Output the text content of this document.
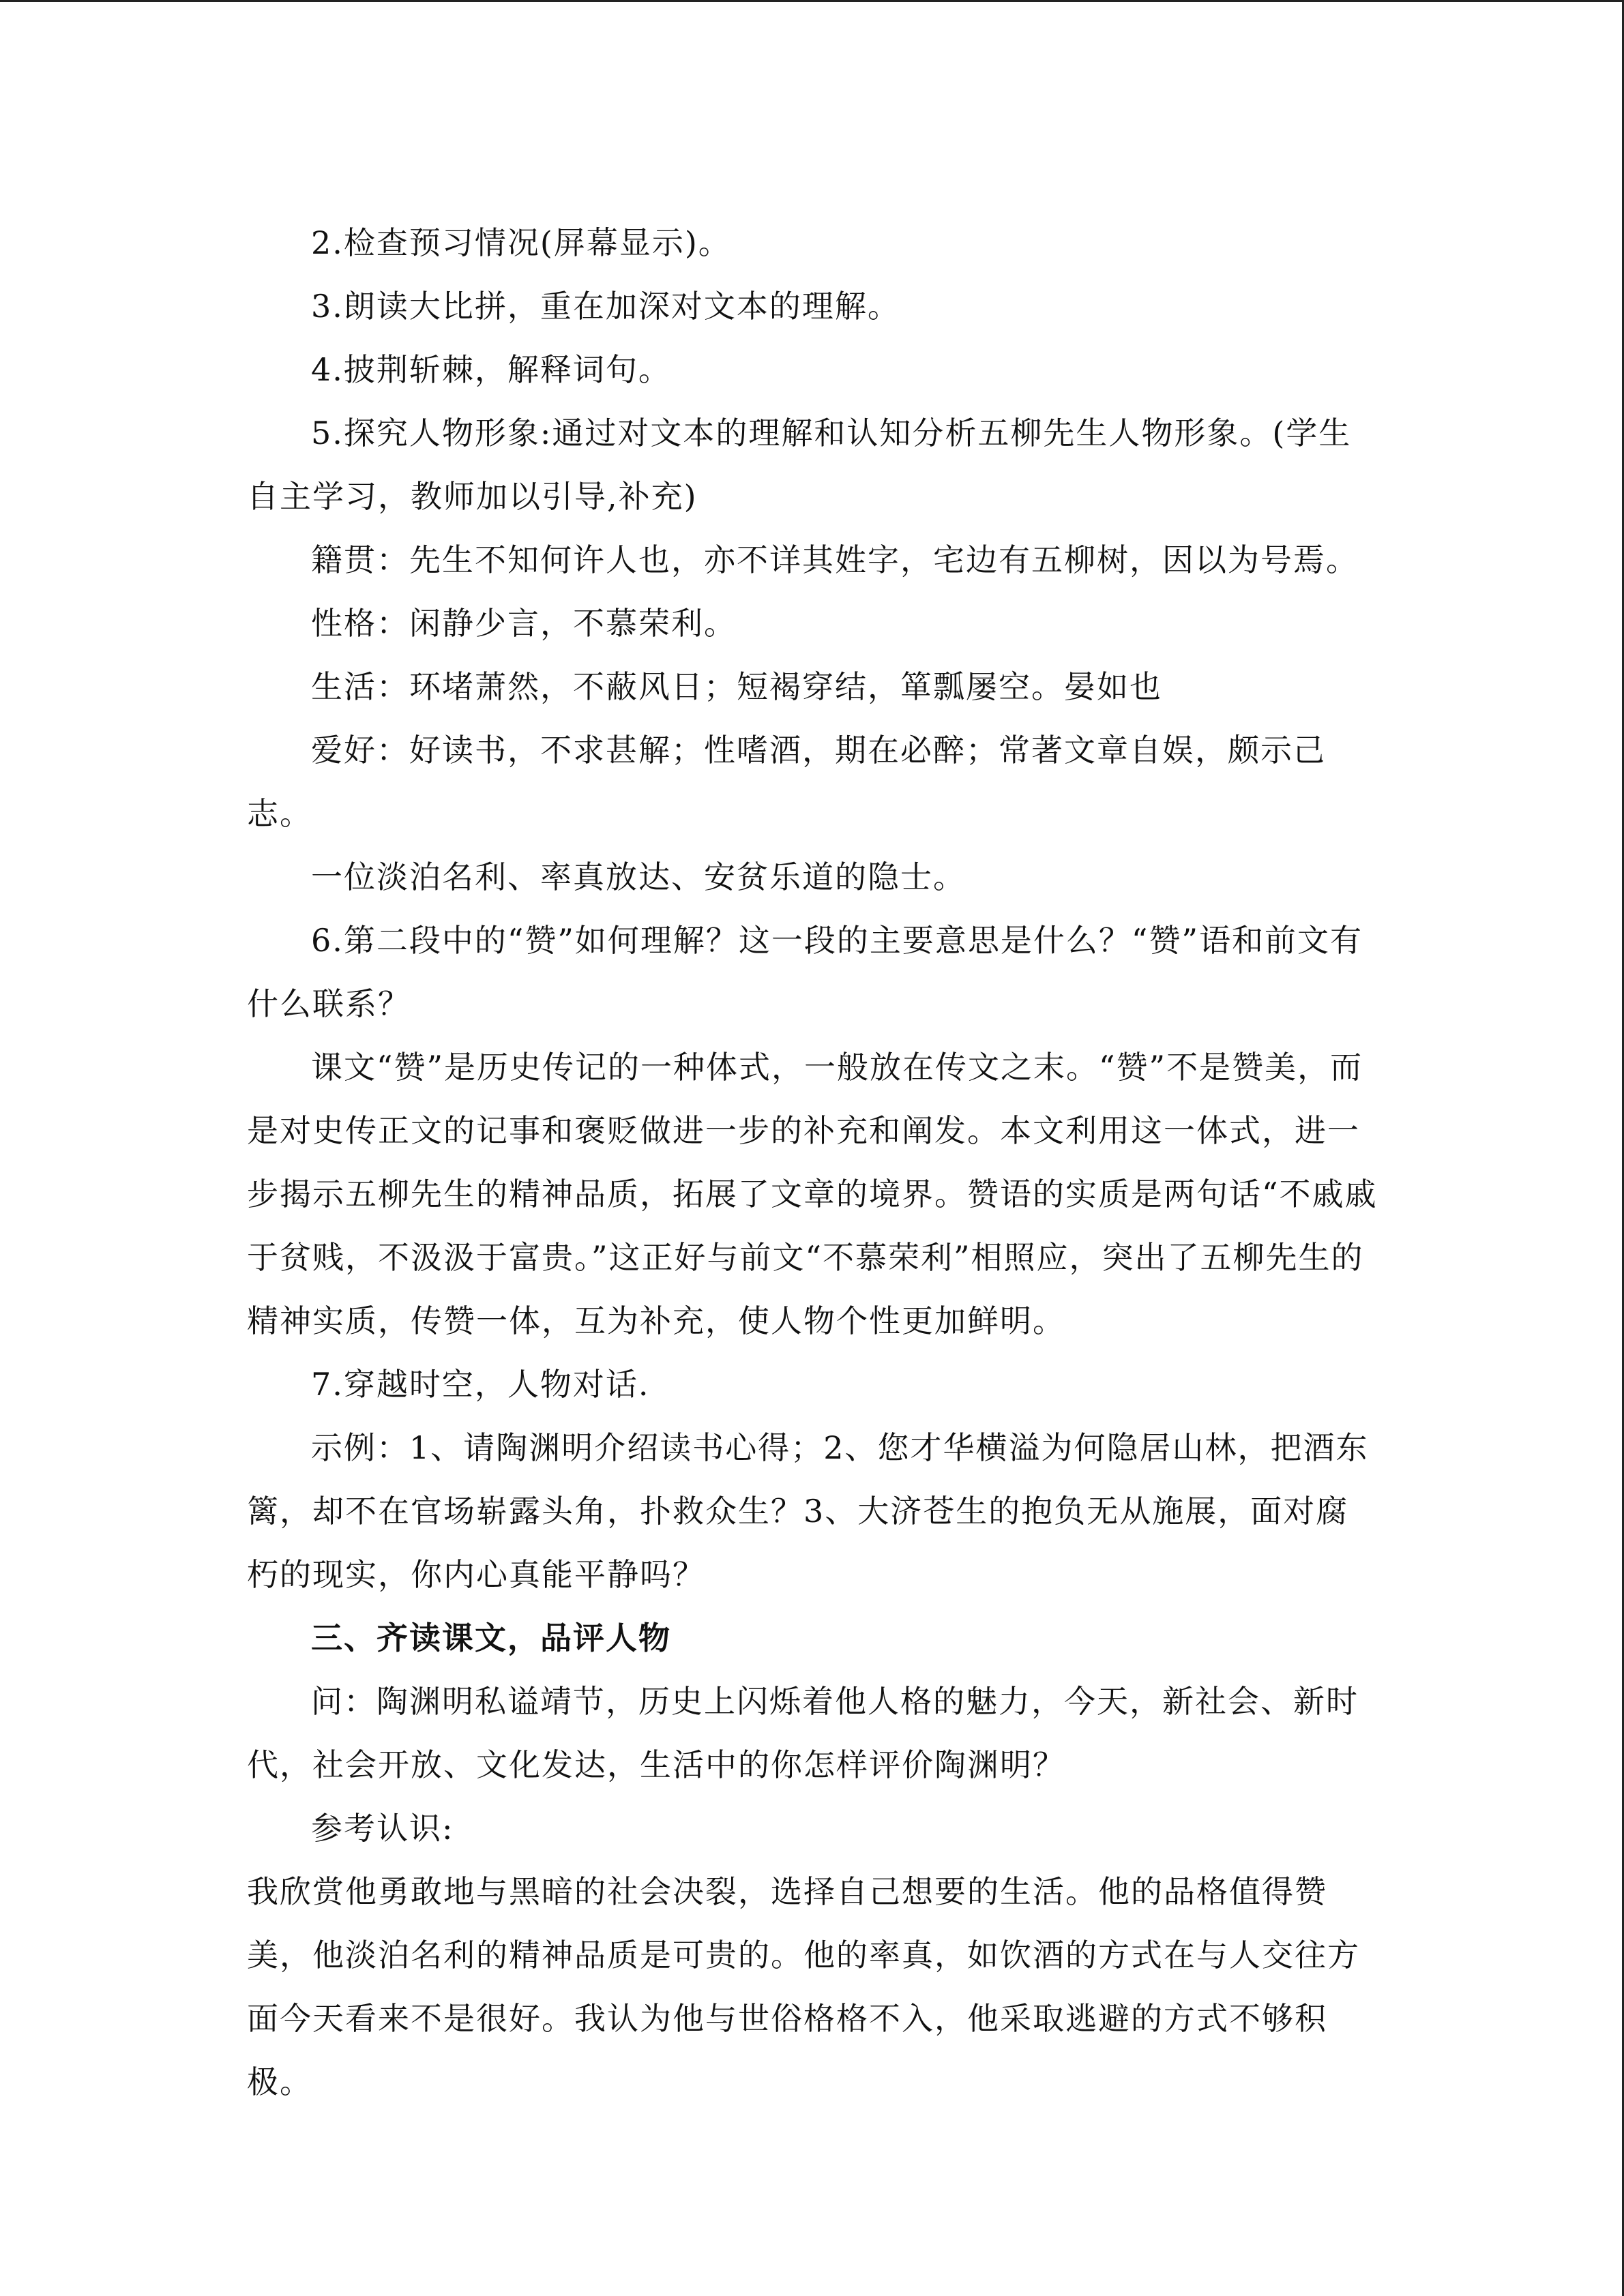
2.检查预习情况(屏幕显示)。

3.朗读大比拼，重在加深对文本的理解。

4.披荆斩棘，解释词句。

5.探究人物形象:通过对文本的理解和认知分析五柳先生人物形象。(学生自主学习，教师加以引导,补充)

籍贯：先生不知何许人也，亦不详其姓字，宅边有五柳树，因以为号焉。

性格：闲静少言，不慕荣利。

生活：环堵萧然，不蔽风日；短褐穿结，箪瓢屡空。晏如也

爱好：好读书，不求甚解；性嗜酒，期在必醉；常著文章自娱，颇示己志。

一位淡泊名利、率真放达、安贫乐道的隐士。

6.第二段中的“赞”如何理解？这一段的主要意思是什么？“赞”语和前文有什么联系？

课文“赞”是历史传记的一种体式，一般放在传文之末。“赞”不是赞美，而是对史传正文的记事和褒贬做进一步的补充和阐发。本文利用这一体式，进一步揭示五柳先生的精神品质，拓展了文章的境界。赞语的实质是两句话“不戚戚于贫贱，不汲汲于富贵。”这正好与前文“不慕荣利”相照应，突出了五柳先生的精神实质，传赞一体，互为补充，使人物个性更加鲜明。

7.穿越时空，人物对话.

示例：1、请陶渊明介绍读书心得；2、您才华横溢为何隐居山林，把酒东篱，却不在官场崭露头角，扑救众生？3、大济苍生的抱负无从施展，面对腐朽的现实，你内心真能平静吗？

三、齐读课文，品评人物

问：陶渊明私谥靖节，历史上闪烁着他人格的魅力，今天，新社会、新时代，社会开放、文化发达，生活中的你怎样评价陶渊明？

参考认识:

我欣赏他勇敢地与黑暗的社会决裂，选择自己想要的生活。他的品格值得赞美，他淡泊名利的精神品质是可贵的。他的率真，如饮酒的方式在与人交往方面今天看来不是很好。我认为他与世俗格格不入，他采取逃避的方式不够积极。
